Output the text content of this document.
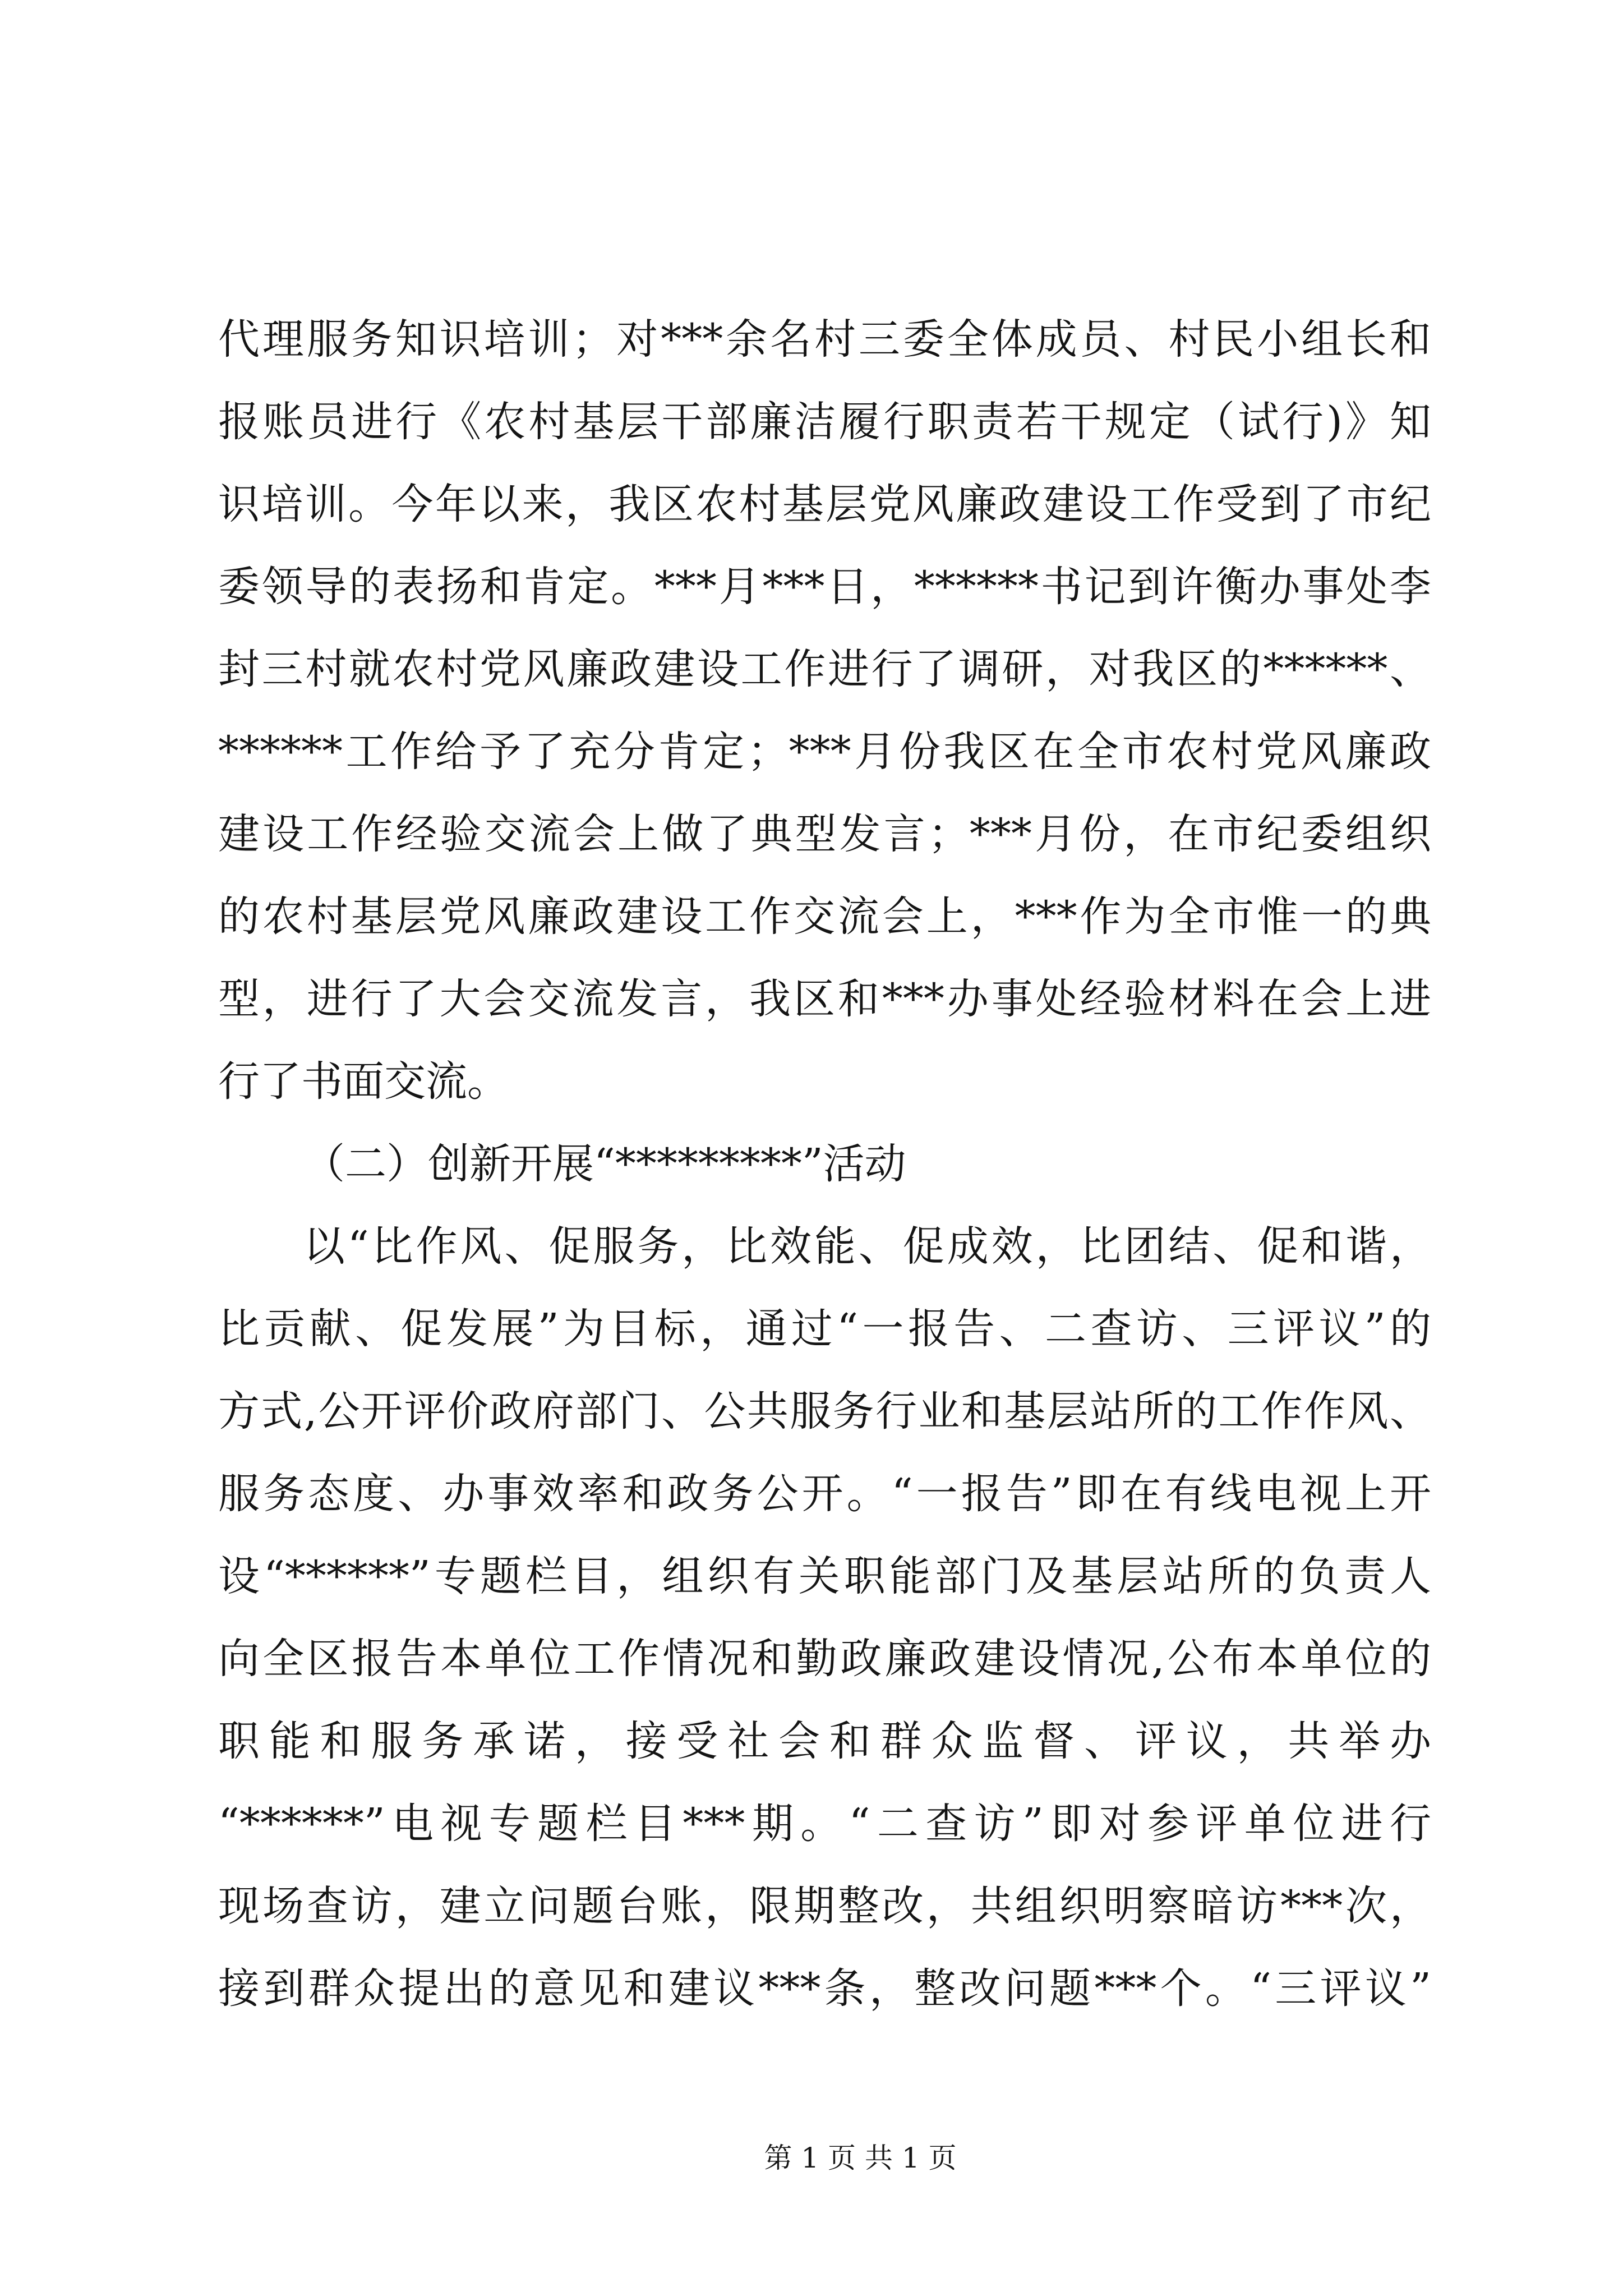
代理服务知识培训；对***余名村三委全体成员、村民小组长和
报账员进行《农村基层干部廉洁履行职责若干规定（试行)》知
识培训。今年以来，我区农村基层党风廉政建设工作受到了市纪
委领导的表扬和肯定。***月***日，******书记到许衡办事处李
封三村就农村党风廉政建设工作进行了调研，对我区的******、
******工作给予了充分肯定；***月份我区在全市农村党风廉政
建设工作经验交流会上做了典型发言；***月份，在市纪委组织
的农村基层党风廉政建设工作交流会上，***作为全市惟一的典
型，进行了大会交流发言，我区和***办事处经验材料在会上进
行了书面交流。
（二）创新开展“*********”活动
以“比作风、促服务，比效能、促成效，比团结、促和谐，
比贡献、促发展”为目标，通过“一报告、二查访、三评议”的
方式,公开评价政府部门、公共服务行业和基层站所的工作作风、
服务态度、办事效率和政务公开。“一报告”即在有线电视上开
设“******”专题栏目，组织有关职能部门及基层站所的负责人
向全区报告本单位工作情况和勤政廉政建设情况,公布本单位的
职能和服务承诺，接受社会和群众监督、评议，共举办
“******”电视专题栏目***期。“二查访”即对参评单位进行
现场查访，建立问题台账，限期整改，共组织明察暗访***次，
接到群众提出的意见和建议***条，整改问题***个。“三评议”
第 1 页 共 1 页
